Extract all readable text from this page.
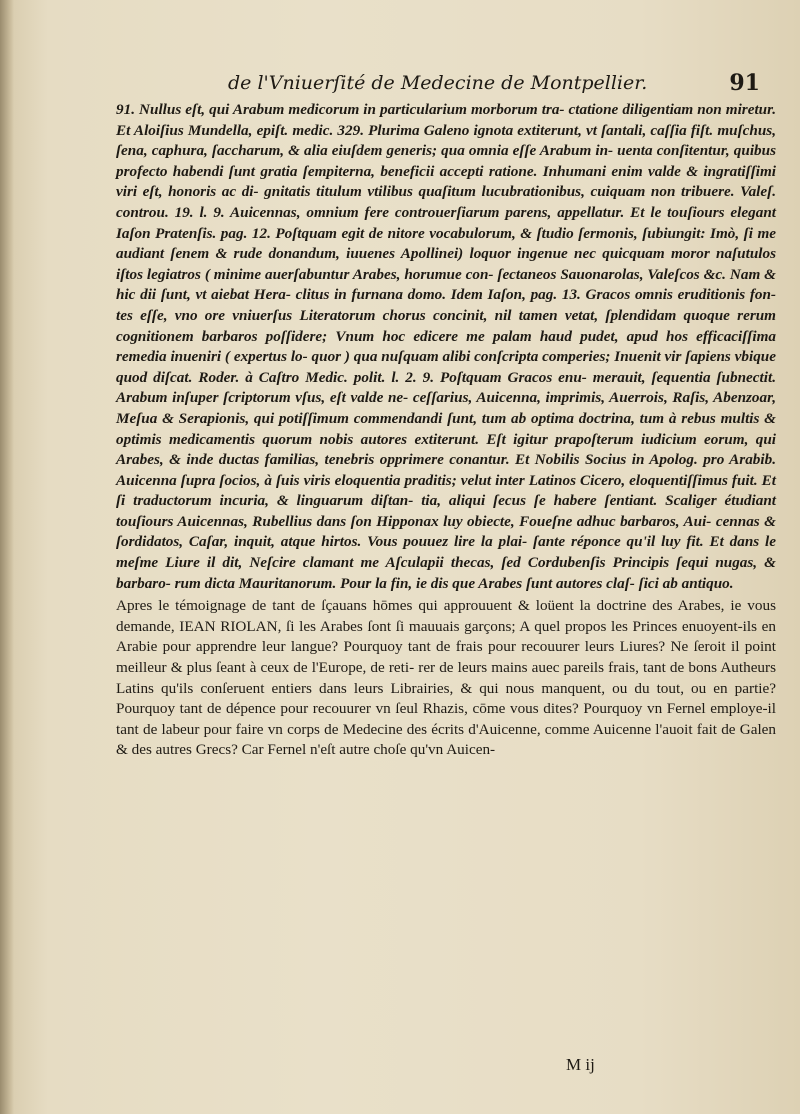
de l'Vniuerſité de Medecine de Montpellier.	91

91. Nullus eſt, qui Arabum medicorum in particularium morborum tra- ctatione diligentiam non miretur. Et Aloiſius Mundella, epiſt. medic. 329. Plurima Galeno ignota extiterunt, vt ſantali, caſſia fiſt. muſchus, ſena, caphura, ſaccharum, & alia eiuſdem generis; qua omnia eſſe Arabum in- uenta conſitentur, quibus profecto habendi ſunt gratia ſempiterna, beneficii accepti ratione. Inhumani enim valde & ingratiſſimi viri eſt, honoris ac di- gnitatis titulum vtilibus quaſitum lucubrationibus, cuiquam non tribuere. Valeſ. controu. 19. l. 9. Auicennas, omnium fere controuerſiarum parens, appellatur. Et le touſiours elegant Iaſon Pratenſis. pag. 12. Poſtquam egit de nitore vocabulorum, & ſtudio ſermonis, ſubiungit: Imò, ſi me audiant ſenem & rude donandum, iuuenes Apollinei) loquor ingenue nec quicquam moror naſutulos iſtos legiatros ( minime auerſabuntur Arabes, horumue con- ſectaneos Sauonarolas, Valeſcos &c. Nam & hic dii ſunt, vt aiebat Hera- clitus in furnana domo. Idem Iaſon, pag. 13. Gracos omnis eruditionis fon- tes eſſe, vno ore vniuerſus Literatorum chorus concinit, nil tamen vetat, ſplendidam quoque rerum cognitionem barbaros poſſidere; Vnum hoc edicere me palam haud pudet, apud hos efficaciſſima remedia inueniri ( expertus lo- quor ) qua nuſquam alibi conſcripta comperies; Inuenit vir ſapiens vbique quod diſcat. Roder. à Caſtro Medic. polit. l. 2. 9. Poſtquam Gracos enu- merauit, ſequentia ſubnectit. Arabum inſuper ſcriptorum vſus, eſt valde ne- ceſſarius, Auicenna, imprimis, Auerrois, Raſis, Abenzoar, Meſua & Serapionis, qui potiſſimum commendandi ſunt, tum ab optima doctrina, tum à rebus multis & optimis medicamentis quorum nobis autores extiterunt. Eſt igitur prapoſterum iudicium eorum, qui Arabes, & inde ductas familias, tenebris opprimere conantur. Et Nobilis Socius in Apolog. pro Arabib. Auicenna ſupra ſocios, à ſuis viris eloquentia praditis; velut inter Latinos Cicero, eloquentiſſimus fuit. Et ſi traductorum incuria, & linguarum diſtan- tia, aliqui ſecus ſe habere ſentiant. Scaliger étudiant touſiours Auicennas, Rubellius dans ſon Hipponax luy obiecte, Foueſne adhuc barbaros, Aui- cennas & ſordidatos, Caſar, inquit, atque hirtos. Vous pouuez lire la plai- ſante réponce qu'il luy fit. Et dans le meſme Liure il dit, Neſcire clamant me Aſculapii thecas, ſed Cordubenſis Principis ſequi nugas, & barbaro- rum dicta Mauritanorum. Pour la fin, ie dis que Arabes ſunt autores claſ- ſici ab antiquo.

Apres le témoignage de tant de ſçauans hōmes qui approuuent & loüent la doctrine des Arabes, ie vous demande, IEAN RIOLAN, ſi les Arabes ſont ſi mauuais garçons; A quel propos les Princes enuoyent-ils en Arabie pour apprendre leur langue? Pourquoy tant de frais pour recouurer leurs Liures? Ne ſeroit il point meilleur & plus ſeant à ceux de l'Europe, de reti- rer de leurs mains auec pareils frais, tant de bons Autheurs Latins qu'ils conſeruent entiers dans leurs Librairies, & qui nous manquent, ou du tout, ou en partie? Pourquoy tant de dépence pour recouurer vn ſeul Rhazis, cōme vous dites? Pourquoy vn Fernel employe-il tant de labeur pour faire vn corps de Medecine des écrits d'Auicenne, comme Auicenne l'auoit fait de Galen & des autres Grecs? Car Fernel n'eſt autre choſe qu'vn Auicen-

M ij
